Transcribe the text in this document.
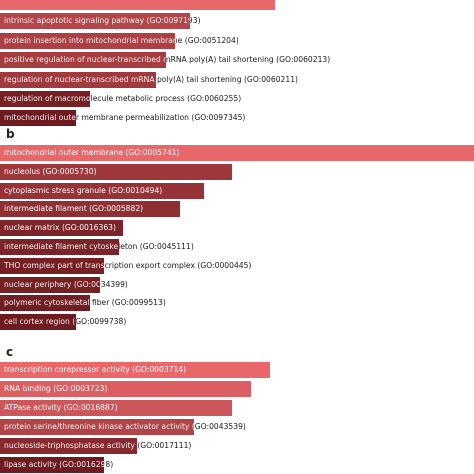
intrinsic apoptotic signaling pathway (GO:0097193)
protein insertion into mitochondrial membrane (GO:0051204)
positive regulation of nuclear-transcribed mRNA poly(A) tail shortening (GO:0060213)
regulation of nuclear-transcribed mRNA poly(A) tail shortening (GO:0060211)
regulation of macromolecule metabolic process (GO:0060255)
mitochondrial outer membrane permeabilization (GO:0097345)
b
mitochondrial outer membrane (GO:0005741)
nucleolus (GO:0005730)
cytoplasmic stress granule (GO:0010494)
intermediate filament (GO:0005882)
nuclear matrix (GO:0016363)
intermediate filament cytoskeleton (GO:0045111)
THO complex part of transcription export complex (GO:0000445)
nuclear periphery (GO:0034399)
polymeric cytoskeletal fiber (GO:0099513)
cell cortex region (GO:0099738)
c
transcription corepressor activity (GO:0003714)
RNA binding (GO:0003723)
ATPase activity (GO:0016887)
protein serine/threonine kinase activator activity (GO:0043539)
nucleoside-triphosphatase activity (GO:0017111)
lipase activity (GO:0016298)
